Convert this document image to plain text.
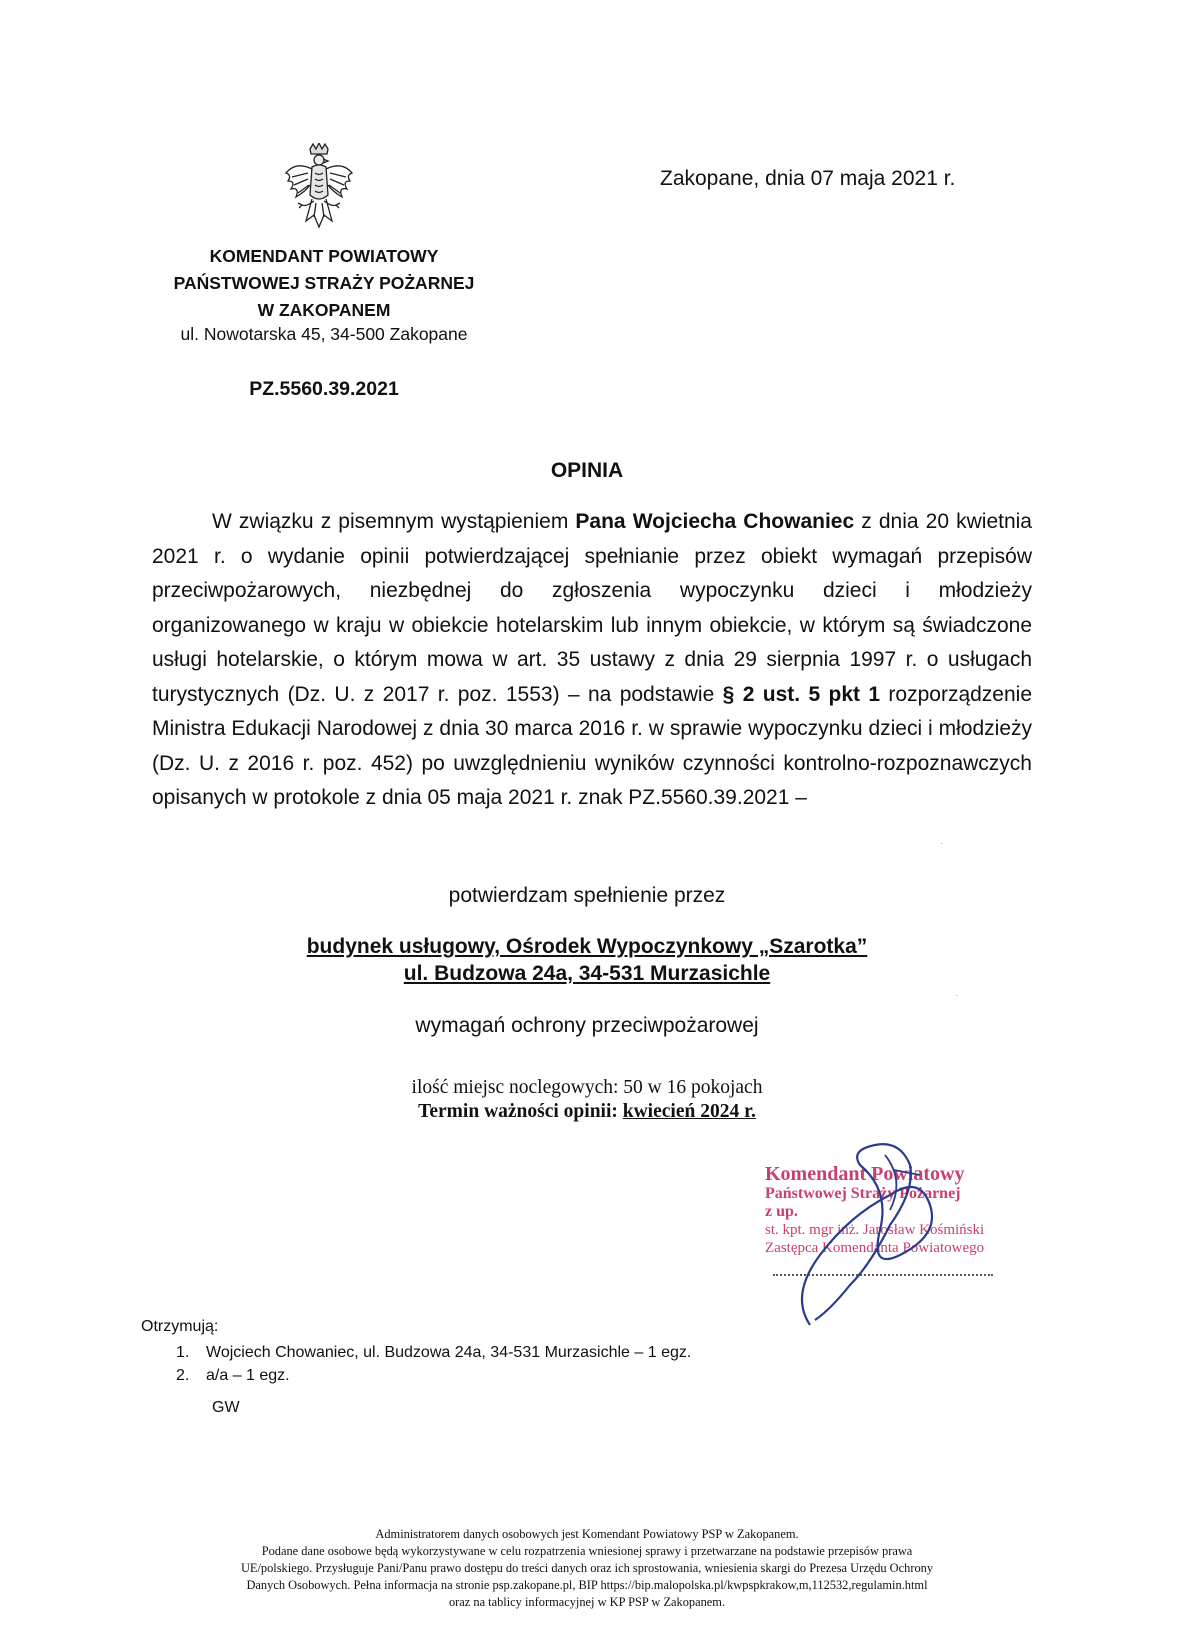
KOMENDANT POWIATOWY
PAŃSTWOWEJ STRAŻY POŻARNEJ
W ZAKOPANEM
ul. Nowotarska 45, 34-500 Zakopane
PZ.5560.39.2021
Zakopane, dnia 07 maja 2021 r.
OPINIA
W związku z pisemnym wystąpieniem Pana Wojciecha Chowaniec z dnia 20 kwietnia 2021 r. o wydanie opinii potwierdzającej spełnianie przez obiekt wymagań przepisów przeciwpożarowych, niezbędnej do zgłoszenia wypoczynku dzieci i młodzieży organizowanego w kraju w obiekcie hotelarskim lub innym obiekcie, w którym są świadczone usługi hotelarskie, o którym mowa w art. 35 ustawy z dnia 29 sierpnia 1997 r. o usługach turystycznych (Dz. U. z 2017 r. poz. 1553) – na podstawie § 2 ust. 5 pkt 1 rozporządzenie Ministra Edukacji Narodowej z dnia 30 marca 2016 r. w sprawie wypoczynku dzieci i młodzieży (Dz. U. z 2016 r. poz. 452) po uwzględnieniu wyników czynności kontrolno-rozpoznawczych opisanych w protokole z dnia 05 maja 2021 r. znak PZ.5560.39.2021 –
potwierdzam spełnienie przez
budynek usługowy, Ośrodek Wypoczynkowy „Szarotka”
ul. Budzowa 24a, 34-531 Murzasichle
wymagań ochrony przeciwpożarowej
ilość miejsc noclegowych: 50 w 16 pokojach
Termin ważności opinii: kwiecień 2024 r.
Komendant Powiatowy
Państwowej Straży Pożarnej
z up.
st. kpt. mgr inż. Jarosław Kośmiński
Zastępca Komendanta Powiatowego
Otrzymują:
1. Wojciech Chowaniec, ul. Budzowa 24a, 34-531 Murzasichle – 1 egz.
2. a/a – 1 egz.
GW
Administratorem danych osobowych jest Komendant Powiatowy PSP w Zakopanem.
Podane dane osobowe będą wykorzystywane w celu rozpatrzenia wniesionej sprawy i przetwarzane na podstawie przepisów prawa
UE/polskiego. Przysługuje Pani/Panu prawo dostępu do treści danych oraz ich sprostowania, wniesienia skargi do Prezesa Urzędu Ochrony
Danych Osobowych. Pełna informacja na stronie psp.zakopane.pl, BIP https://bip.malopolska.pl/kwpspkrakow,m,112532,regulamin.html
oraz na tablicy informacyjnej w KP PSP w Zakopanem.
·
·
